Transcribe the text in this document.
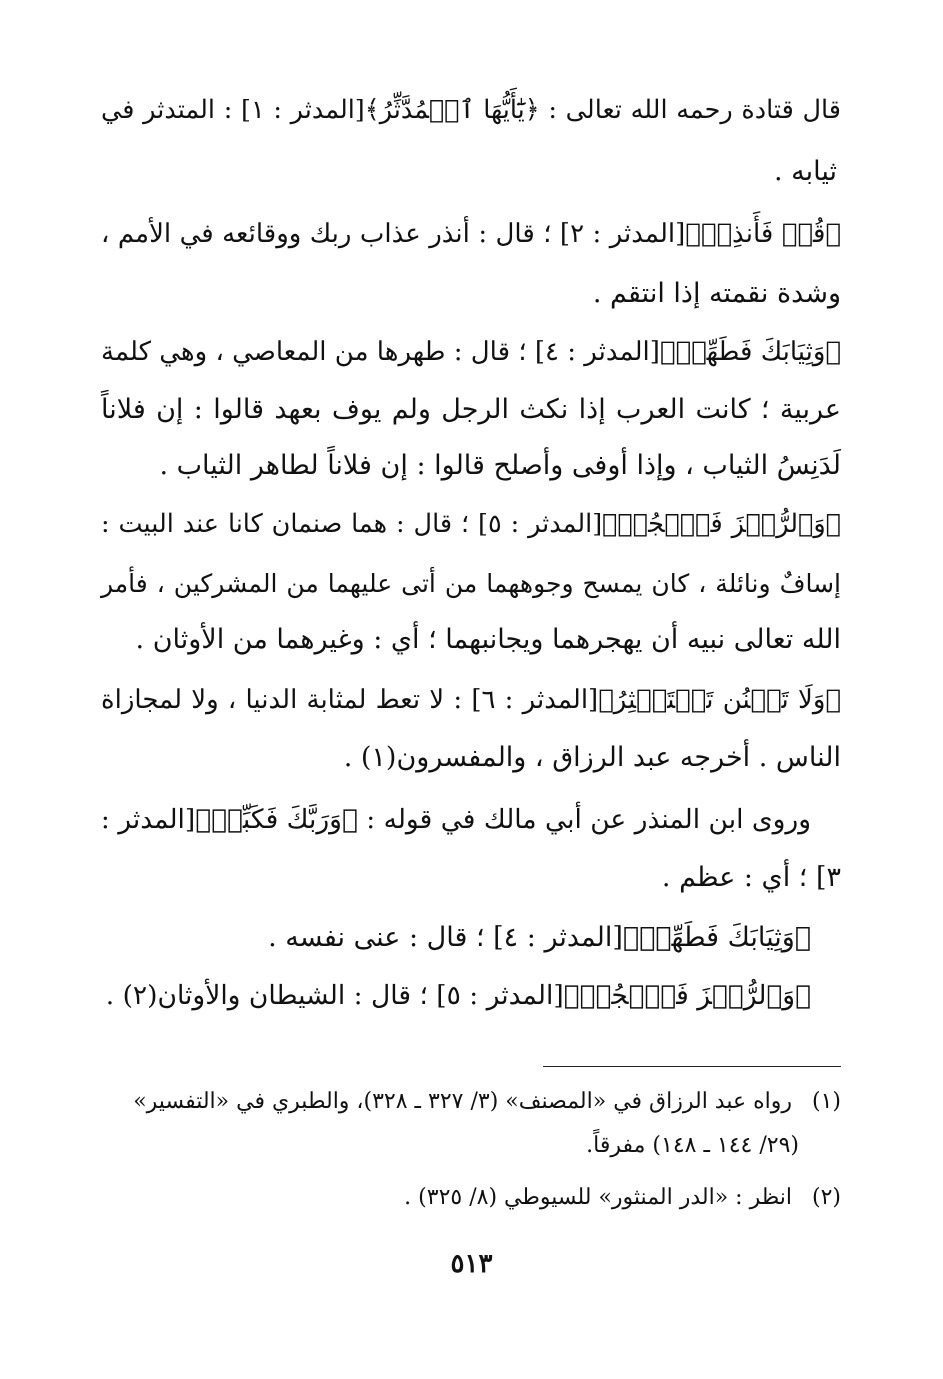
قال قتادة رحمه الله تعالى : ﴿يَٰٓأَيُّهَا ٱلۡمُدَّثِّرُ﴾[المدثر : ١] : المتدثر في
ثيابه .
﴿قُمۡ فَأَنذِرۡ﴾[المدثر : ٢] ؛ قال : أنذر عذاب ربك ووقائعه في الأمم ،
وشدة نقمته إذا انتقم .
﴿وَثِيَابَكَ فَطَهِّرۡ﴾[المدثر : ٤] ؛ قال : طهرها من المعاصي ، وهي كلمة
عربية ؛ كانت العرب إذا نكث الرجل ولم يوف بعهد قالوا : إن فلاناً
لَدَنِسُ الثياب ، وإذا أوفى وأصلح قالوا : إن فلاناً لطاهر الثياب .
﴿وَٱلرُّجۡزَ فَٱهۡجُرۡ﴾[المدثر : ٥] ؛ قال : هما صنمان كانا عند البيت :
إسافٌ ونائلة ، كان يمسح وجوههما من أتى عليهما من المشركين ، فأمر
الله تعالى نبيه أن يهجرهما ويجانبهما ؛ أي : وغيرهما من الأوثان .
﴿وَلَا تَمۡنُن تَسۡتَكۡثِرُ﴾[المدثر : ٦] : لا تعط لمثابة الدنيا ، ولا لمجازاة
الناس . أخرجه عبد الرزاق ، والمفسرون(١) .
وروى ابن المنذر عن أبي مالك في قوله : ﴿وَرَبَّكَ فَكَبِّرۡ﴾[المدثر :
٣] ؛ أي : عظم .
﴿وَثِيَابَكَ فَطَهِّرۡ﴾[المدثر : ٤] ؛ قال : عنى نفسه .
﴿وَٱلرُّجۡزَ فَٱهۡجُرۡ﴾[المدثر : ٥] ؛ قال : الشيطان والأوثان(٢) .
(١) رواه عبد الرزاق في «المصنف» (٣/ ٣٢٧ ـ ٣٢٨)، والطبري في «التفسير»
(٢٩/ ١٤٤ ـ ١٤٨) مفرقاً.
(٢) انظر : «الدر المنثور» للسيوطي (٨/ ٣٢٥) .
٥١٣
